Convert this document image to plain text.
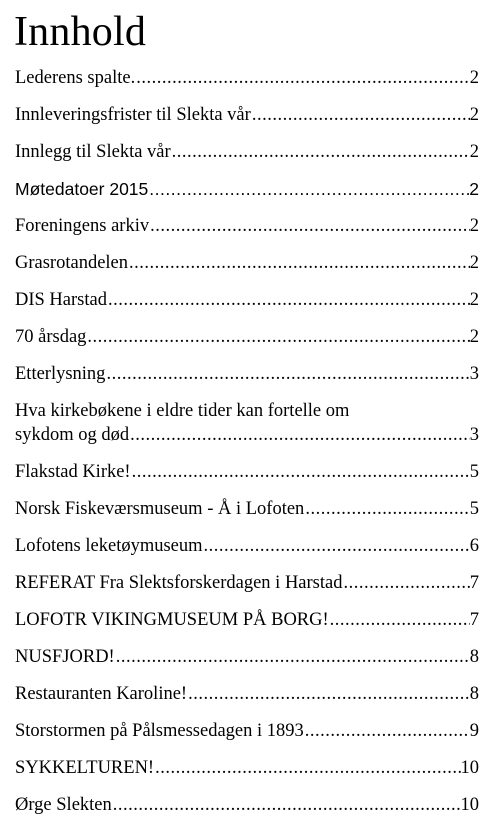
Innhold
Lederens spalte. .....	2
Innleveringsfrister til Slekta vår .....	2
Innlegg til Slekta vår .....	2
Møtedatoer 2015 .....	2
Foreningens arkiv .....	2
Grasrotandelen .....	2
DIS Harstad .....	2
70 årsdag .....	2
Etterlysning .....	3
Hva kirkebøkene i eldre tider kan fortelle om
sykdom og død .....	3
Flakstad Kirke! .....	5
Norsk Fiskeværsmuseum - Å i Lofoten .....	5
Lofotens leketøymuseum .....	6
REFERAT Fra Slektsforskerdagen i Harstad .....	7
LOFOTR VIKINGMUSEUM PÅ BORG! .....	7
NUSFJORD! .....	8
Restauranten Karoline! .....	8
Storstormen på Pålsmessedagen i 1893 .....	9
SYKKELTUREN! .....	10
Ørge Slekten .....	10
